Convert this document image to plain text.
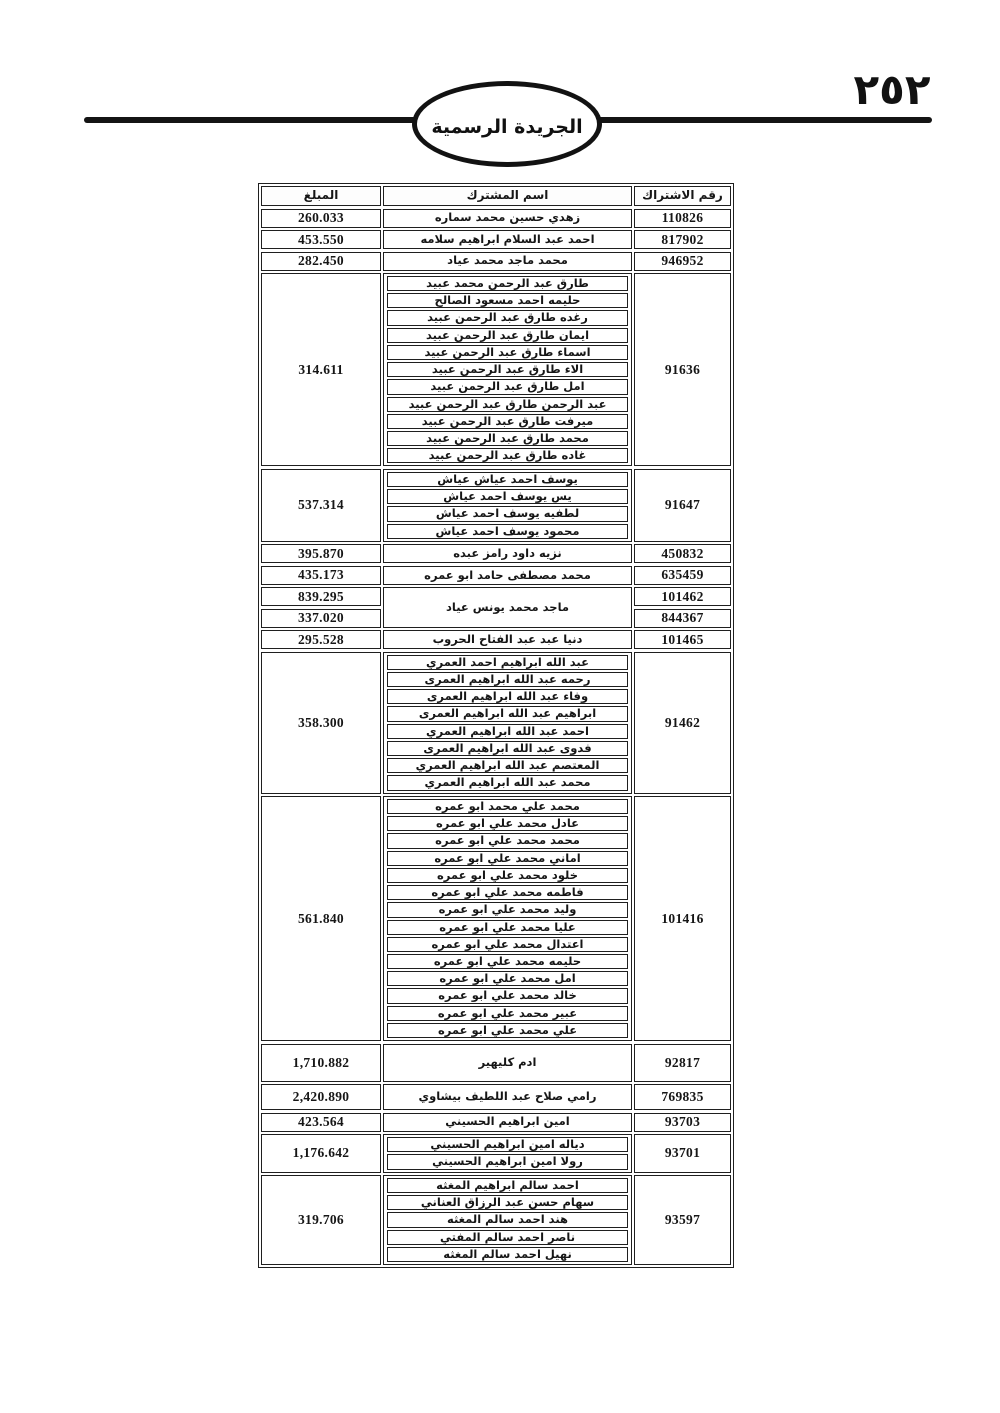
٢٥٢
الجريدة الرسمية
رقم الاشتراك
اسم المشترك
المبلغ
110826
زهدي حسين محمد سماره
260.033
817902
احمد عبد السلام ابراهيم سلامه
453.550
946952
محمد ماجد محمد عياد
282.450
91636
طارق عبد الرحمن محمد عبيد
حليمه احمد مسعود الصالح
رغده طارق عبد الرحمن عبيد
ايمان طارق عبد الرحمن عبيد
اسماء طارق عبد الرحمن عبيد
الاء طارق عبد الرحمن عبيد
امل طارق عبد الرحمن عبيد
عبد الرحمن طارق عبد الرحمن عبيد
ميرفت طارق عبد الرحمن عبيد
محمد طارق عبد الرحمن عبيد
غاده طارق عبد الرحمن عبيد
314.611
91647
يوسف احمد عياش عياش
يس يوسف احمد عياش
لطفيه يوسف احمد عياش
محمود يوسف احمد عياش
537.314
450832
نزيه داود رامز عبده
395.870
635459
محمد مصطفى حامد ابو عمره
435.173
101462
844367
ماجد محمد يونس عياد
839.295
337.020
101465
دنيا عبد عبد الفتاح الحروب
295.528
91462
عبد الله ابراهيم احمد العمري
رحمه عبد الله ابراهيم العمرى
وفاء عبد الله ابراهيم العمرى
ابراهيم عبد الله ابراهيم العمرى
احمد عبد الله ابراهيم العمري
فدوى عبد الله ابراهيم العمرى
المعتصم عبد الله ابراهيم العمري
محمد عبد الله ابراهيم العمري
358.300
101416
محمد علي محمد ابو عمره
عادل محمد علي ابو عمره
محمد محمد علي ابو عمره
اماني محمد علي ابو عمره
خلود محمد علي ابو عمره
فاطمه محمد علي ابو عمره
وليد محمد علي ابو عمره
عليا محمد علي ابو عمره
اعتدال محمد علي ابو عمره
حليمه محمد علي ابو عمره
امل محمد علي ابو عمره
خالد محمد علي ابو عمره
عبير محمد علي ابو عمره
علي محمد علي ابو عمره
561.840
92817
ادم كليهير
1,710.882
769835
رامي صلاح عبد اللطيف بيشاوي
2,420.890
93703
امين ابراهيم الحسيني
423.564
93701
دياله امين ابراهيم الحسيني
رولا امين ابراهيم الحسيني
1,176.642
93597
احمد سالم ابراهيم المغثه
سهام حسن عبد الرزاق العناني
هند احمد سالم المغثه
ناصر احمد سالم المفتي
نهيل احمد سالم المغثه
319.706
